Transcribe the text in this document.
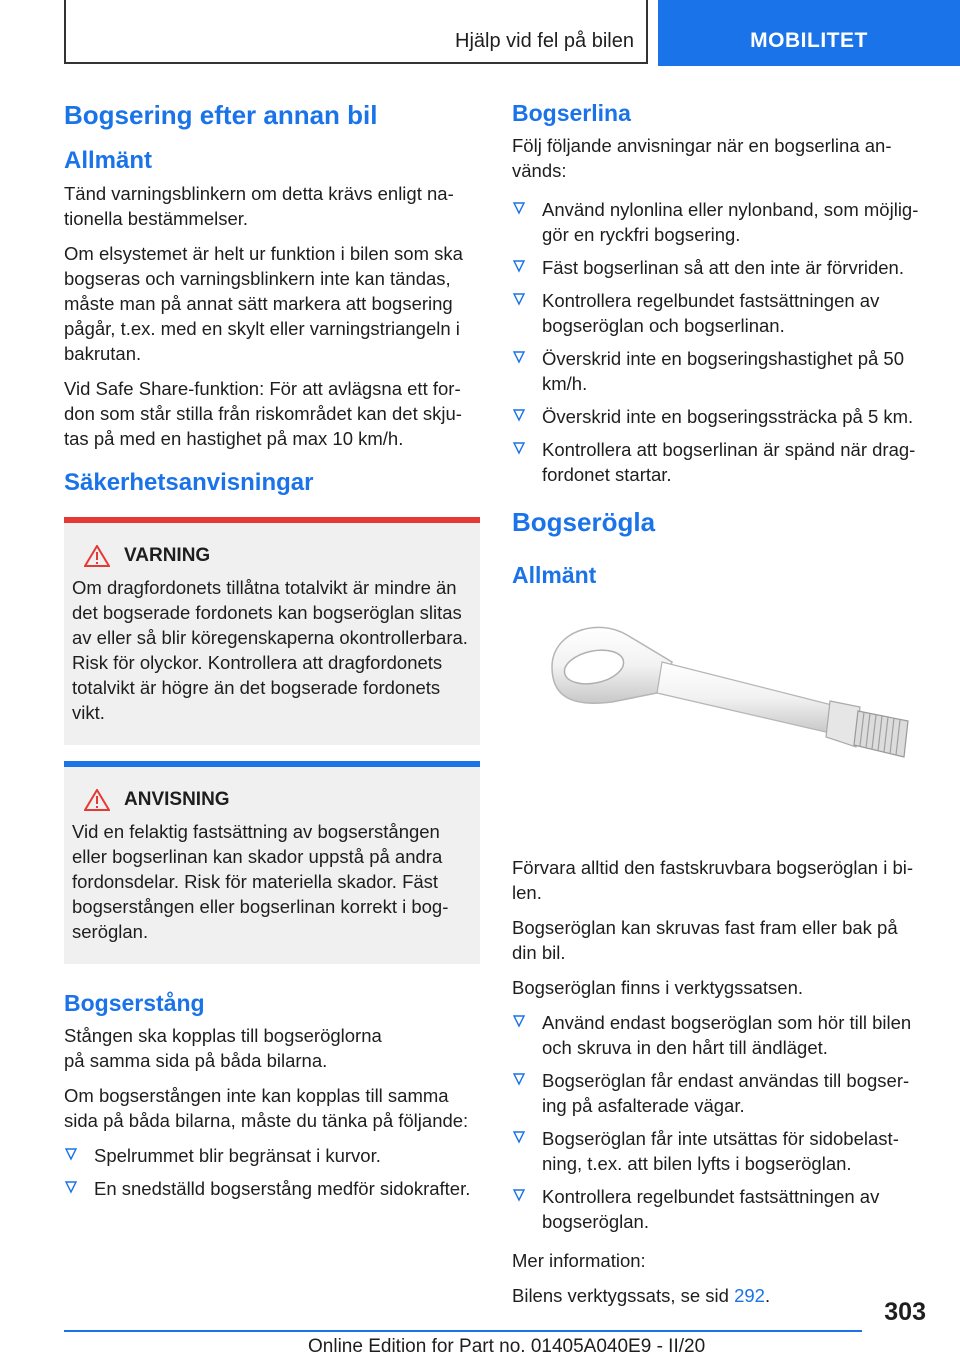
Hjälp vid fel på bilen	MOBILITET
Bogsering efter annan bil
Allmänt

Tänd varningsblinkern om detta krävs enligt nationella bestämmelser.

Om elsystemet är helt ur funktion i bilen som ska bogseras och varningsblinkern inte kan tändas, måste man på annat sätt markera att bogsering pågår, t.ex. med en skylt eller varningstriangeln i bakrutan.

Vid Safe Share-funktion: För att avlägsna ett fordon som står stilla från riskområdet kan det skjutas på med en hastighet på max 10 km/h.

Säkerhetsanvisningar
VARNING

Om dragfordonets tillåtna totalvikt är mindre än det bogserade fordonets kan bogseröglan slitas av eller så blir köregenskaperna okontrollerbara. Risk för olyckor. Kontrollera att dragfordonets totalvikt är högre än det bogserade fordonets vikt.

ANVISNING

Vid en felaktig fastsättning av bogserstången eller bogserlinan kan skador uppstå på andra fordonsdelar. Risk för materiella skador. Fäst bogserstången eller bogserlinan korrekt i bogseröglan.

Bogserstång

Stången ska kopplas till bogseröglorna på samma sida på båda bilarna.

Om bogserstången inte kan kopplas till samma sida på båda bilarna, måste du tänka på följande:

Spelrummet blir begränsat i kurvor.
En snedställd bogserstång medför sidokrafter.
Bogserlina

Följ följande anvisningar när en bogserlina används:

Använd nylonlina eller nylonband, som möjliggör en ryckfri bogsering.
Fäst bogserlinan så att den inte är förvriden.
Kontrollera regelbundet fastsättningen av bogseröglan och bogserlinan.
Överskrid inte en bogseringshastighet på 50 km/h.
Överskrid inte en bogseringssträcka på 5 km.
Kontrollera att bogserlinan är spänd när dragfordonet startar.
Bogserögla
Allmänt

Förvara alltid den fastskruvbara bogseröglan i bilen.

Bogseröglan kan skruvas fast fram eller bak på din bil.

Bogseröglan finns i verktygssatsen.

Använd endast bogseröglan som hör till bilen och skruva in den hårt till ändläget.
Bogseröglan får endast användas till bogsering på asfalterade vägar.
Bogseröglan får inte utsättas för sidobelastning, t.ex. att bilen lyfts i bogseröglan.
Kontrollera regelbundet fastsättningen av bogseröglan.

Mer information:

Bilens verktygssats, se sid 292.

303
Online Edition for Part no. 01405A040E9 - II/20
